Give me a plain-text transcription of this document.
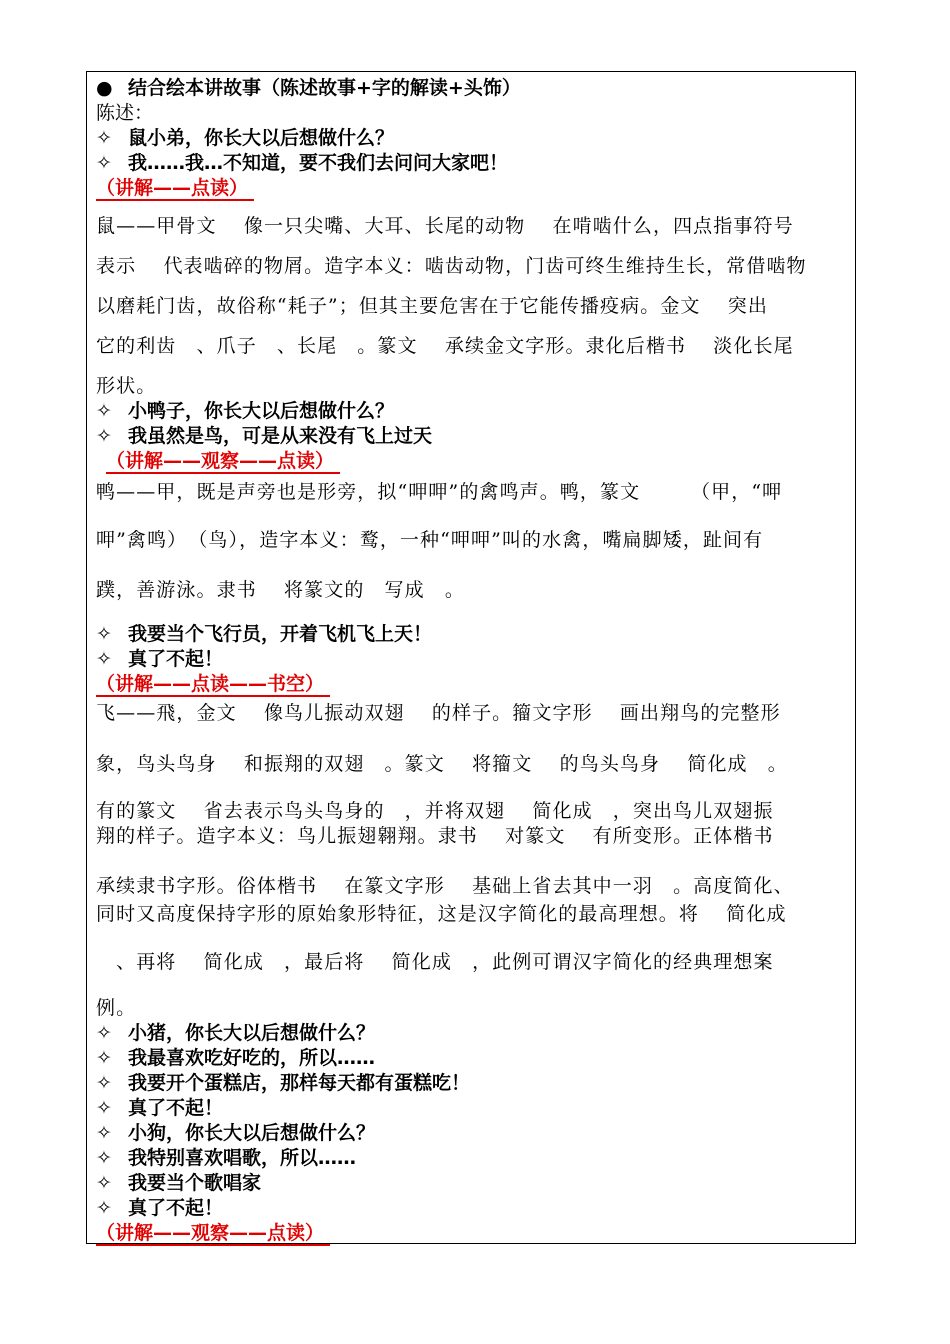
● 结合绘本讲故事（陈述故事+字的解读+头饰）
陈述：
✧ 鼠小弟，你长大以后想做什么？
✧ 我……我…不知道，要不我们去问问大家吧！
（讲解——点读）
鼠——甲骨文　 像一只尖嘴、大耳、长尾的动物　 在啃啮什么，四点指事符号
表示　 代表啮碎的物屑。造字本义：啮齿动物，门齿可终生维持生长，常借啮物
以磨耗门齿，故俗称“耗子”；但其主要危害在于它能传播疫病。金文　 突出
它的利齿　、爪子　、长尾　。篆文　 承续金文字形。隶化后楷书　 淡化长尾
形状。
✧ 小鸭子，你长大以后想做什么？
✧ 我虽然是鸟，可是从来没有飞上过天
（讲解——观察——点读）
鸭——甲，既是声旁也是形旁，拟“呷呷”的禽鸣声。鸭，篆文　　　（甲，“呷
呷”禽鸣）　（鸟），造字本义：鹜，一种“呷呷”叫的水禽，嘴扁脚矮，趾间有
蹼，善游泳。隶书　 将篆文的　写成　。
✧ 我要当个飞行员，开着飞机飞上天！
✧ 真了不起！
（讲解——点读——书空）
飞——飛，金文　 像鸟儿振动双翅　 的样子。籀文字形　 画出翔鸟的完整形
象，鸟头鸟身　 和振翔的双翅　。篆文　 将籀文　 的鸟头鸟身　 简化成　。
有的篆文　 省去表示鸟头鸟身的　，并将双翅　 简化成　，突出鸟儿双翅振
翔的样子。造字本义：鸟儿振翅翱翔。隶书　 对篆文　 有所变形。正体楷书
承续隶书字形。俗体楷书　 在篆文字形　 基础上省去其中一羽　。高度简化、
同时又高度保持字形的原始象形特征，这是汉字简化的最高理想。将　 简化成
　、再将　 简化成　，最后将　 简化成　，此例可谓汉字简化的经典理想案
例。
✧ 小猪，你长大以后想做什么？
✧ 我最喜欢吃好吃的，所以……
✧ 我要开个蛋糕店，那样每天都有蛋糕吃！
✧ 真了不起！
✧ 小狗，你长大以后想做什么？
✧ 我特别喜欢唱歌，所以……
✧ 我要当个歌唱家
✧ 真了不起！
（讲解——观察——点读）
